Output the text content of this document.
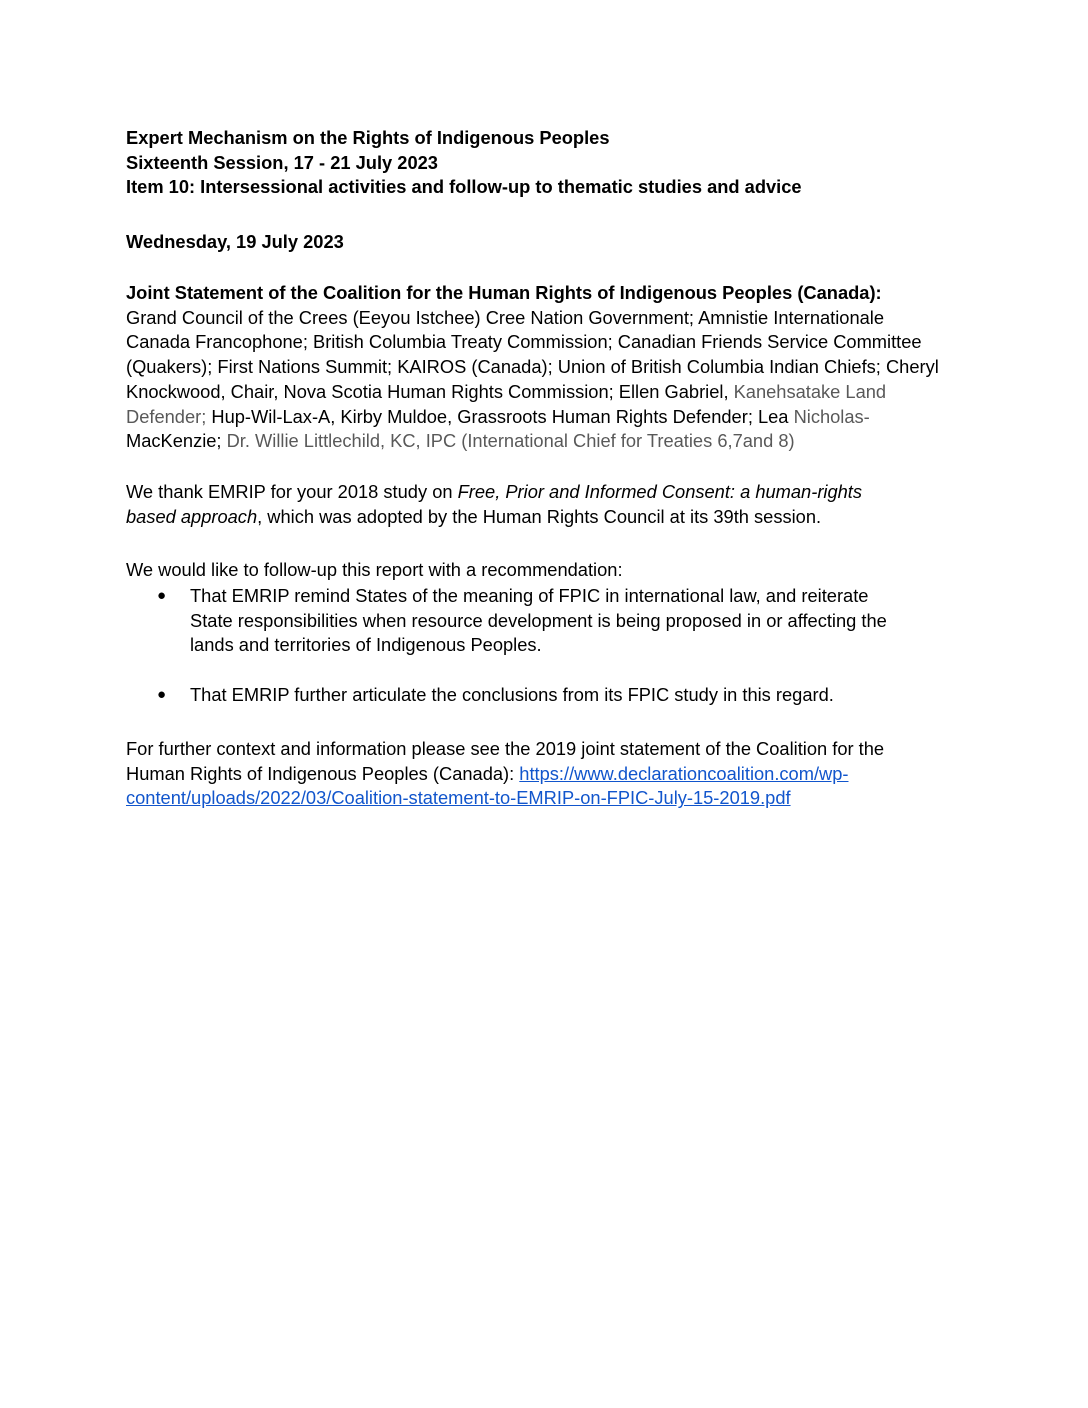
Expert Mechanism on the Rights of Indigenous Peoples
Sixteenth Session, 17 - 21 July 2023
Item 10: Intersessional activities and follow-up to thematic studies and advice
Wednesday, 19 July 2023
Joint Statement of the Coalition for the Human Rights of Indigenous Peoples (Canada):
Grand Council of the Crees (Eeyou Istchee) Cree Nation Government; Amnistie Internationale
Canada Francophone; British Columbia Treaty Commission; Canadian Friends Service Committee
(Quakers); First Nations Summit; KAIROS (Canada); Union of British Columbia Indian Chiefs; Cheryl
Knockwood, Chair, Nova Scotia Human Rights Commission; Ellen Gabriel, Kanehsatake Land
Defender; Hup-Wil-Lax-A, Kirby Muldoe, Grassroots Human Rights Defender; Lea Nicholas-
MacKenzie; Dr. Willie Littlechild, KC, IPC (International Chief for Treaties 6,7and 8)
We thank EMRIP for your 2018 study on Free, Prior and Informed Consent: a human-rights
based approach, which was adopted by the Human Rights Council at its 39th session.
We would like to follow-up this report with a recommendation:
● That EMRIP remind States of the meaning of FPIC in international law, and reiterate
State responsibilities when resource development is being proposed in or affecting the
lands and territories of Indigenous Peoples.
● That EMRIP further articulate the conclusions from its FPIC study in this regard.
For further context and information please see the 2019 joint statement of the Coalition for the
Human Rights of Indigenous Peoples (Canada): https://www.declarationcoalition.com/wp-
content/uploads/2022/03/Coalition-statement-to-EMRIP-on-FPIC-July-15-2019.pdf
